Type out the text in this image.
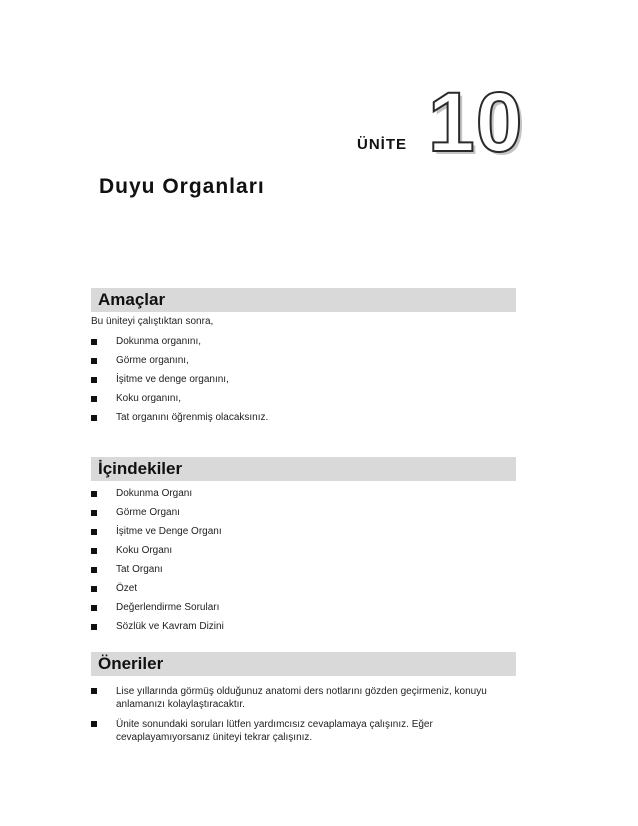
ÜNİTE 10
Duyu Organları
Amaçlar
Bu üniteyi çalıştıktan sonra,
Dokunma organını,
Görme organını,
İşitme ve denge organını,
Koku organını,
Tat organını öğrenmiş olacaksınız.
İçindekiler
Dokunma Organı
Görme Organı
İşitme ve Denge Organı
Koku Organı
Tat Organı
Özet
Değerlendirme Soruları
Sözlük ve Kavram Dizini
Öneriler
Lise yıllarında görmüş olduğunuz anatomi ders notlarını gözden geçirmeniz, konuyu anlamanızı kolaylaştıracaktır.
Ünite sonundaki soruları lütfen yardımcısız cevaplamaya çalışınız. Eğer cevaplayamıyorsanız üniteyi tekrar çalışınız.
